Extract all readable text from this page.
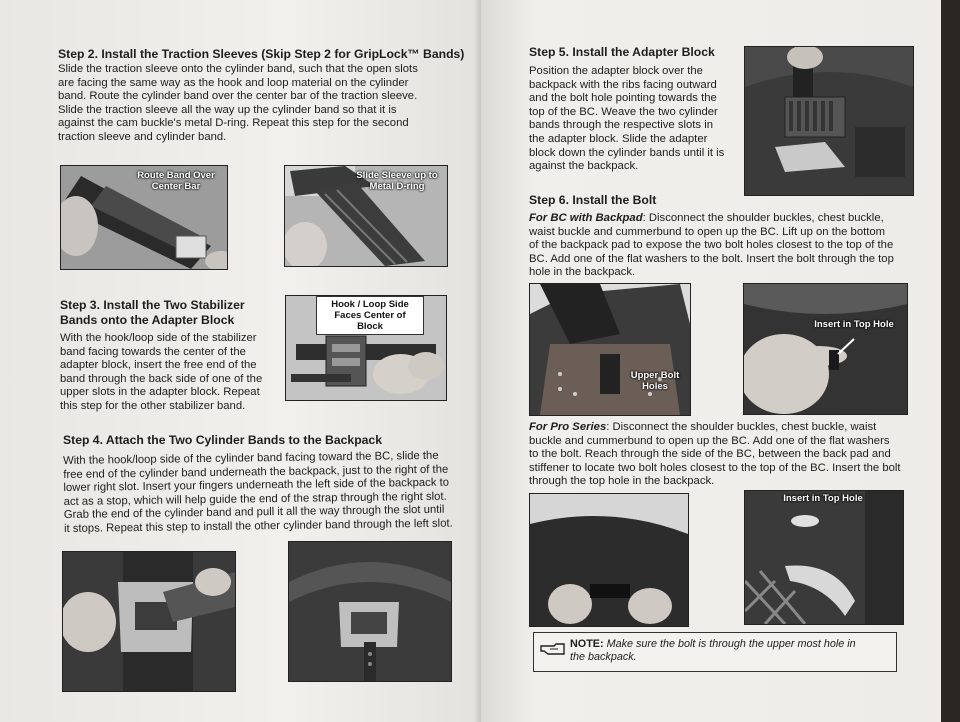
Step 2. Install the Traction Sleeves (Skip Step 2 for GripLock™ Bands)
Slide the traction sleeve onto the cylinder band, such that the open slots
are facing the same way as the hook and loop material on the cylinder
band. Route the cylinder band over the center bar of the traction sleeve.
Slide the traction sleeve all the way up the cylinder band so that it is
against the cam buckle's metal D-ring. Repeat this step for the second
traction sleeve and cylinder band.
Route Band Over Center Bar
Slide Sleeve up to Metal D-ring
Step 3. Install the Two Stabilizer
Bands onto the Adapter Block
With the hook/loop side of the stabilizer
band facing towards the center of the
adapter block, insert the free end of the
band through the back side of one of the
upper slots in the adapter block. Repeat
this step for the other stabilizer band.
Hook / Loop Side
Faces Center of Block
Step 4. Attach the Two Cylinder Bands to the Backpack
With the hook/loop side of the cylinder band facing toward the BC, slide the
free end of the cylinder band underneath the backpack, just to the right of the
lower right slot. Insert your fingers underneath the left side of the backpack to
act as a stop, which will help guide the end of the strap through the right slot.
Grab the end of the cylinder band and pull it all the way through the slot until
it stops. Repeat this step to install the other cylinder band through the left slot.
Step 5. Install the Adapter Block
Position the adapter block over the
backpack with the ribs facing outward
and the bolt hole pointing towards the
top of the BC. Weave the two cylinder
bands through the respective slots in
the adapter block. Slide the adapter
block down the cylinder bands until it is
against the backpack.
Step 6. Install the Bolt
For BC with Backpad: Disconnect the shoulder buckles, chest buckle,
waist buckle and cummerbund to open up the BC. Lift up on the bottom
of the backpack pad to expose the two bolt holes closest to the top of the
BC. Add one of the flat washers to the bolt. Insert the bolt through the top
hole in the backpack.
Upper Bolt
Holes
Insert in Top Hole
For Pro Series: Disconnect the shoulder buckles, chest buckle, waist
buckle and cummerbund to open up the BC. Add one of the flat washers
to the bolt. Reach through the side of the BC, between the back pad and
stiffener to locate two bolt holes closest to the top of the BC. Insert the bolt
through the top hole in the backpack.
Insert in Top Hole
NOTE: Make sure the bolt is through the upper most hole in
the backpack.
